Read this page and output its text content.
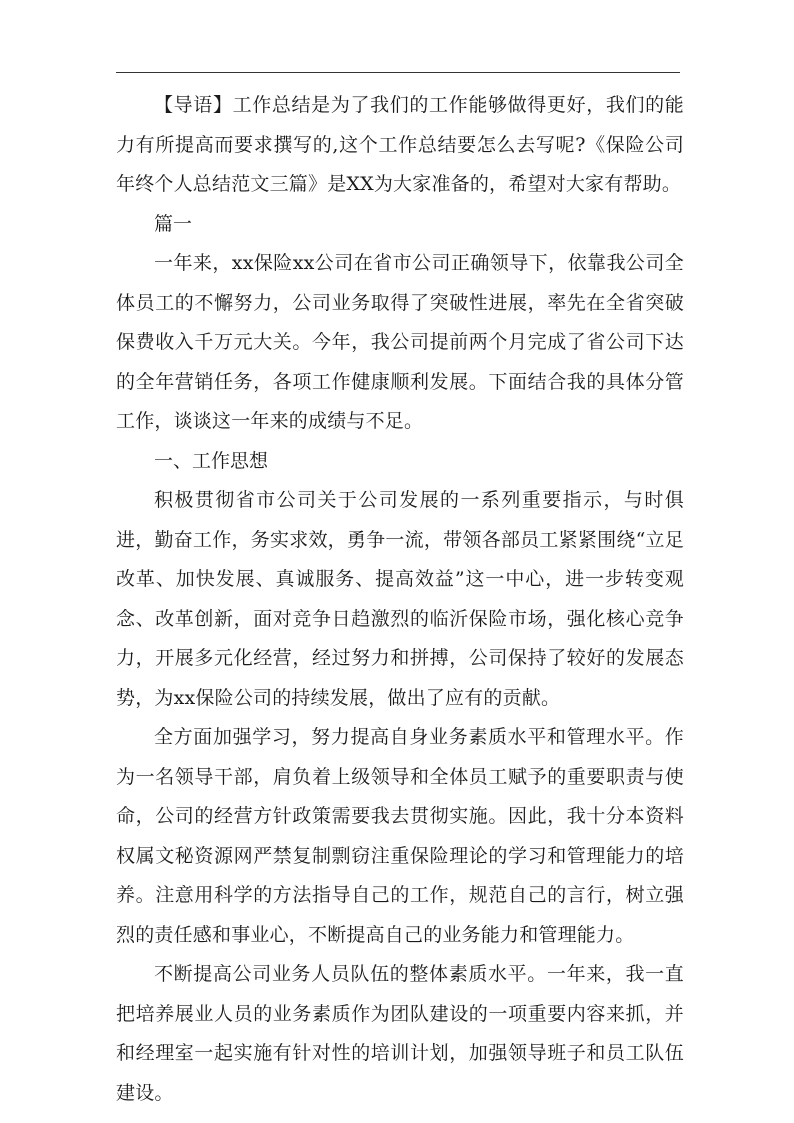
【导语】工作总结是为了我们的工作能够做得更好，我们的能力有所提高而要求撰写的,这个工作总结要怎么去写呢?《保险公司年终个人总结范文三篇》是XX为大家准备的，希望对大家有帮助。

篇一

一年来，xx保险xx公司在省市公司正确领导下，依靠我公司全体员工的不懈努力，公司业务取得了突破性进展，率先在全省突破保费收入千万元大关。今年，我公司提前两个月完成了省公司下达的全年营销任务，各项工作健康顺利发展。下面结合我的具体分管工作，谈谈这一年来的成绩与不足。

一、工作思想

积极贯彻省市公司关于公司发展的一系列重要指示，与时俱进，勤奋工作，务实求效，勇争一流，带领各部员工紧紧围绕“立足改革、加快发展、真诚服务、提高效益”这一中心，进一步转变观念、改革创新，面对竞争日趋激烈的临沂保险市场，强化核心竞争力，开展多元化经营，经过努力和拼搏，公司保持了较好的发展态势，为xx保险公司的持续发展，做出了应有的贡献。

全方面加强学习，努力提高自身业务素质水平和管理水平。作为一名领导干部，肩负着上级领导和全体员工赋予的重要职责与使命，公司的经营方针政策需要我去贯彻实施。因此，我十分本资料权属文秘资源网严禁复制剽窃注重保险理论的学习和管理能力的培养。注意用科学的方法指导自己的工作，规范自己的言行，树立强烈的责任感和事业心，不断提高自己的业务能力和管理能力。

不断提高公司业务人员队伍的整体素质水平。一年来，我一直把培养展业人员的业务素质作为团队建设的一项重要内容来抓，并和经理室一起实施有针对性的培训计划，加强领导班子和员工队伍建设。
